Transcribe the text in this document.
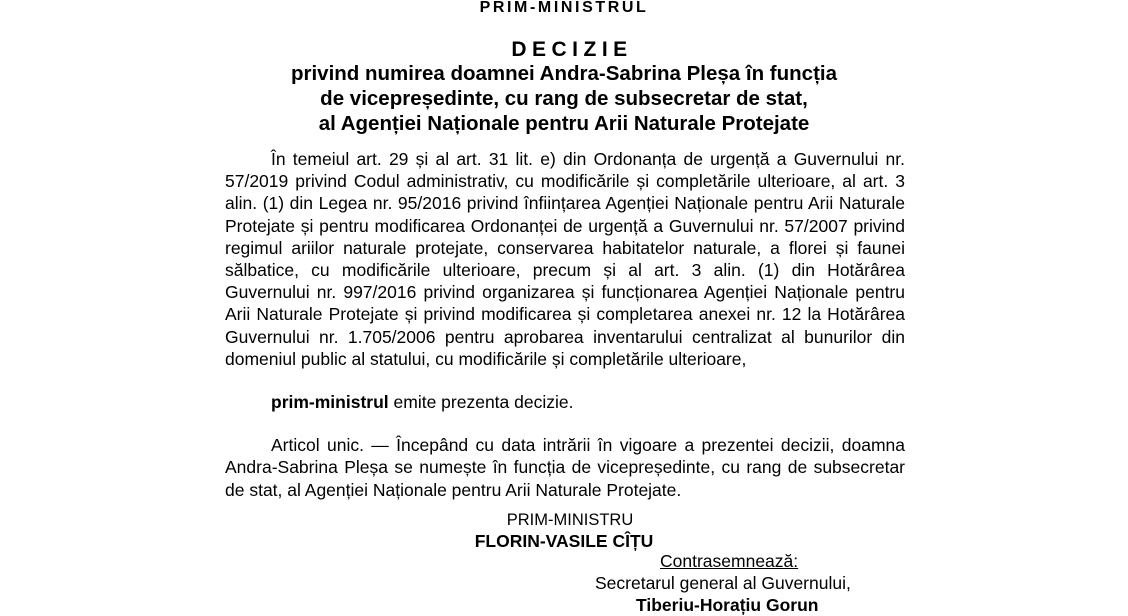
PRIM-MINISTRUL
DECIZIE
privind numirea doamnei Andra-Sabrina Pleșa în funcția
de vicepreședinte, cu rang de subsecretar de stat,
al Agenției Naționale pentru Arii Naturale Protejate

În temeiul art. 29 și al art. 31 lit. e) din Ordonanța de urgență a Guvernului nr. 57/2019 privind Codul administrativ, cu modificările și completările ulterioare, al art. 3 alin. (1) din Legea nr. 95/2016 privind înființarea Agenției Naționale pentru Arii Naturale Protejate și pentru modificarea Ordonanței de urgență a Guvernului nr. 57/2007 privind regimul ariilor naturale protejate, conservarea habitatelor naturale, a florei și faunei sălbatice, cu modificările ulterioare, precum și al art. 3 alin. (1) din Hotărârea Guvernului nr. 997/2016 privind organizarea și funcționarea Agenției Naționale pentru Arii Naturale Protejate și privind modificarea și completarea anexei nr. 12 la Hotărârea Guvernului nr. 1.705/2006 pentru aprobarea inventarului centralizat al bunurilor din domeniul public al statului, cu modificările și completările ulterioare,

prim-ministrul emite prezenta decizie.

Articol unic. — Începând cu data intrării în vigoare a prezentei decizii, doamna Andra-Sabrina Pleșa se numește în funcția de vicepreședinte, cu rang de subsecretar de stat, al Agenției Naționale pentru Arii Naturale Protejate.

PRIM-MINISTRU
FLORIN-VASILE CÎȚU
Contrasemnează:
Secretarul general al Guvernului,
Tiberiu-Horațiu Gorun
